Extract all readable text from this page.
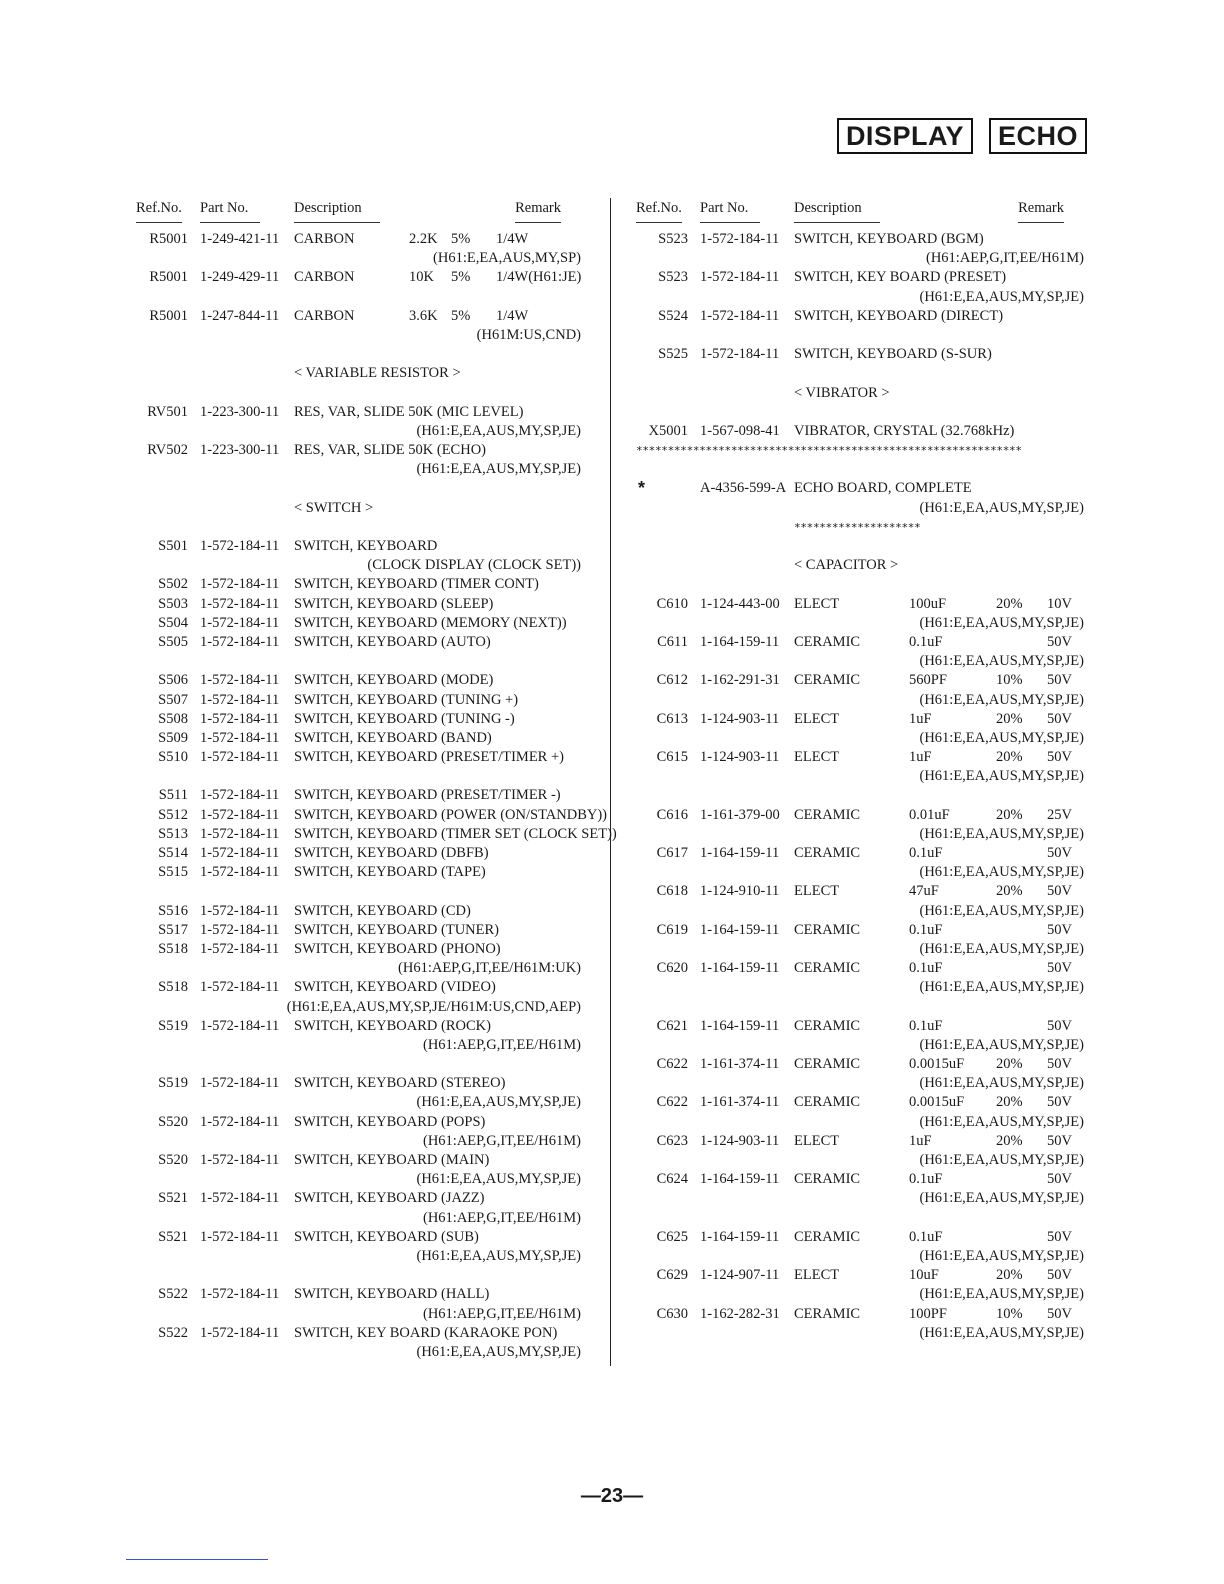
DISPLAY	ECHO
Ref.No. Part No.	Description	Remark
R5001 1-249-421-11 CARBON	2.2K 5% 1/4W
(H61:E,EA,AUS,MY,SP)
R5001 1-249-429-11 CARBON	10K 5% 1/4W(H61:JE)
R5001 1-247-844-11 CARBON	3.6K 5% 1/4W
(H61M:US,CND)
< VARIABLE RESISTOR >
RV501 1-223-300-11 RES, VAR, SLIDE 50K (MIC LEVEL)
(H61:E,EA,AUS,MY,SP,JE)
RV502 1-223-300-11 RES, VAR, SLIDE 50K (ECHO)
(H61:E,EA,AUS,MY,SP,JE)
< SWITCH >
S501 1-572-184-11 SWITCH, KEYBOARD
(CLOCK DISPLAY (CLOCK SET))
S502 1-572-184-11 SWITCH, KEYBOARD (TIMER CONT)
S503 1-572-184-11 SWITCH, KEYBOARD (SLEEP)
S504 1-572-184-11 SWITCH, KEYBOARD (MEMORY (NEXT))
S505 1-572-184-11 SWITCH, KEYBOARD (AUTO)
S506 1-572-184-11 SWITCH, KEYBOARD (MODE)
S507 1-572-184-11 SWITCH, KEYBOARD (TUNING +)
S508 1-572-184-11 SWITCH, KEYBOARD (TUNING -)
S509 1-572-184-11 SWITCH, KEYBOARD (BAND)
S510 1-572-184-11 SWITCH, KEYBOARD (PRESET/TIMER +)
S511 1-572-184-11 SWITCH, KEYBOARD (PRESET/TIMER -)
S512 1-572-184-11 SWITCH, KEYBOARD (POWER (ON/STANDBY))
S513 1-572-184-11 SWITCH, KEYBOARD (TIMER SET (CLOCK SET))
S514 1-572-184-11 SWITCH, KEYBOARD (DBFB)
S515 1-572-184-11 SWITCH, KEYBOARD (TAPE)
S516 1-572-184-11 SWITCH, KEYBOARD (CD)
S517 1-572-184-11 SWITCH, KEYBOARD (TUNER)
S518 1-572-184-11 SWITCH, KEYBOARD (PHONO)
(H61:AEP,G,IT,EE/H61M:UK)
S518 1-572-184-11 SWITCH, KEYBOARD (VIDEO)
(H61:E,EA,AUS,MY,SP,JE/H61M:US,CND,AEP)
S519 1-572-184-11 SWITCH, KEYBOARD (ROCK)
(H61:AEP,G,IT,EE/H61M)
S519 1-572-184-11 SWITCH, KEYBOARD (STEREO)
(H61:E,EA,AUS,MY,SP,JE)
S520 1-572-184-11 SWITCH, KEYBOARD (POPS)
(H61:AEP,G,IT,EE/H61M)
S520 1-572-184-11 SWITCH, KEYBOARD (MAIN)
(H61:E,EA,AUS,MY,SP,JE)
S521 1-572-184-11 SWITCH, KEYBOARD (JAZZ)
(H61:AEP,G,IT,EE/H61M)
S521 1-572-184-11 SWITCH, KEYBOARD (SUB)
(H61:E,EA,AUS,MY,SP,JE)
S522 1-572-184-11 SWITCH, KEYBOARD (HALL)
(H61:AEP,G,IT,EE/H61M)
S522 1-572-184-11 SWITCH, KEY BOARD (KARAOKE PON)
(H61:E,EA,AUS,MY,SP,JE)
Ref.No. Part No.	Description	Remark
S523 1-572-184-11 SWITCH, KEYBOARD (BGM)
(H61:AEP,G,IT,EE/H61M)
S523 1-572-184-11 SWITCH, KEY BOARD (PRESET)
(H61:E,EA,AUS,MY,SP,JE)
S524 1-572-184-11 SWITCH, KEYBOARD (DIRECT)
S525 1-572-184-11 SWITCH, KEYBOARD (S-SUR)
< VIBRATOR >
X5001 1-567-098-41 VIBRATOR, CRYSTAL (32.768kHz)
*************************************************************
*	A-4356-599-A ECHO BOARD, COMPLETE
(H61:E,EA,AUS,MY,SP,JE)
********************
< CAPACITOR >
C610 1-124-443-00 ELECT	100uF	20% 10V
(H61:E,EA,AUS,MY,SP,JE)
C611 1-164-159-11 CERAMIC	0.1uF	50V
(H61:E,EA,AUS,MY,SP,JE)
C612 1-162-291-31 CERAMIC	560PF	10% 50V
(H61:E,EA,AUS,MY,SP,JE)
C613 1-124-903-11 ELECT	1uF	20% 50V
(H61:E,EA,AUS,MY,SP,JE)
C615 1-124-903-11 ELECT	1uF	20% 50V
(H61:E,EA,AUS,MY,SP,JE)
C616 1-161-379-00 CERAMIC	0.01uF	20% 25V
(H61:E,EA,AUS,MY,SP,JE)
C617 1-164-159-11 CERAMIC	0.1uF	50V
(H61:E,EA,AUS,MY,SP,JE)
C618 1-124-910-11 ELECT	47uF	20% 50V
(H61:E,EA,AUS,MY,SP,JE)
C619 1-164-159-11 CERAMIC	0.1uF	50V
(H61:E,EA,AUS,MY,SP,JE)
C620 1-164-159-11 CERAMIC	0.1uF	50V
(H61:E,EA,AUS,MY,SP,JE)
C621 1-164-159-11 CERAMIC	0.1uF	50V
(H61:E,EA,AUS,MY,SP,JE)
C622 1-161-374-11 CERAMIC	0.0015uF 20% 50V
(H61:E,EA,AUS,MY,SP,JE)
C622 1-161-374-11 CERAMIC	0.0015uF 20% 50V
(H61:E,EA,AUS,MY,SP,JE)
C623 1-124-903-11 ELECT	1uF	20% 50V
(H61:E,EA,AUS,MY,SP,JE)
C624 1-164-159-11 CERAMIC	0.1uF	50V
(H61:E,EA,AUS,MY,SP,JE)
C625 1-164-159-11 CERAMIC	0.1uF	50V
(H61:E,EA,AUS,MY,SP,JE)
C629 1-124-907-11 ELECT	10uF	20% 50V
(H61:E,EA,AUS,MY,SP,JE)
C630 1-162-282-31 CERAMIC	100PF	10% 50V
(H61:E,EA,AUS,MY,SP,JE)
—23—
